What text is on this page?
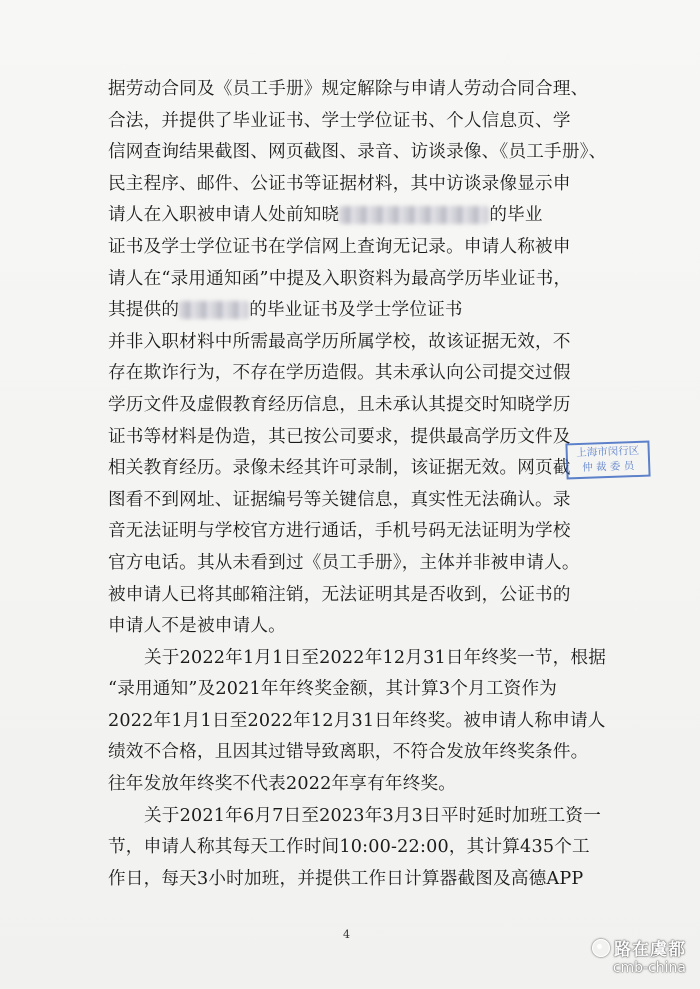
据劳动合同及《员工手册》规定解除与申请人劳动合同合理、
合法，并提供了毕业证书、学士学位证书、个人信息页、学
信网查询结果截图、网页截图、录音、访谈录像、《员工手册》、
民主程序、邮件、公证书等证据材料，其中访谈录像显示申
请人在入职被申请人处前知晓	的毕业
证书及学士学位证书在学信网上查询无记录。申请人称被申
请人在“录用通知函”中提及入职资料为最高学历毕业证书，
其提供的	的毕业证书及学士学位证书
并非入职材料中所需最高学历所属学校，故该证据无效，不
存在欺诈行为，不存在学历造假。其未承认向公司提交过假
学历文件及虚假教育经历信息，且未承认其提交时知晓学历
证书等材料是伪造，其已按公司要求，提供最高学历文件及
相关教育经历。录像未经其许可录制，该证据无效。网页截
图看不到网址、证据编号等关键信息，真实性无法确认。录
音无法证明与学校官方进行通话，手机号码无法证明为学校
官方电话。其从未看到过《员工手册》，主体并非被申请人。
被申请人已将其邮箱注销，无法证明其是否收到，公证书的
申请人不是被申请人。
关于2022年1月1日至2022年12月31日年终奖一节，根据
“录用通知”及2021年年终奖金额，其计算3个月工资作为
2022年1月1日至2022年12月31日年终奖。被申请人称申请人
绩效不合格，且因其过错导致离职，不符合发放年终奖条件。
往年发放年终奖不代表2022年享有年终奖。
关于2021年6月7日至2023年3月3日平时延时加班工资一
节，申请人称其每天工作时间10:00-22:00，其计算435个工
作日，每天3小时加班，并提供工作日计算器截图及高德APP
上海市闵行区
仲 裁 委 员
4
路在虞都
cmb-china
